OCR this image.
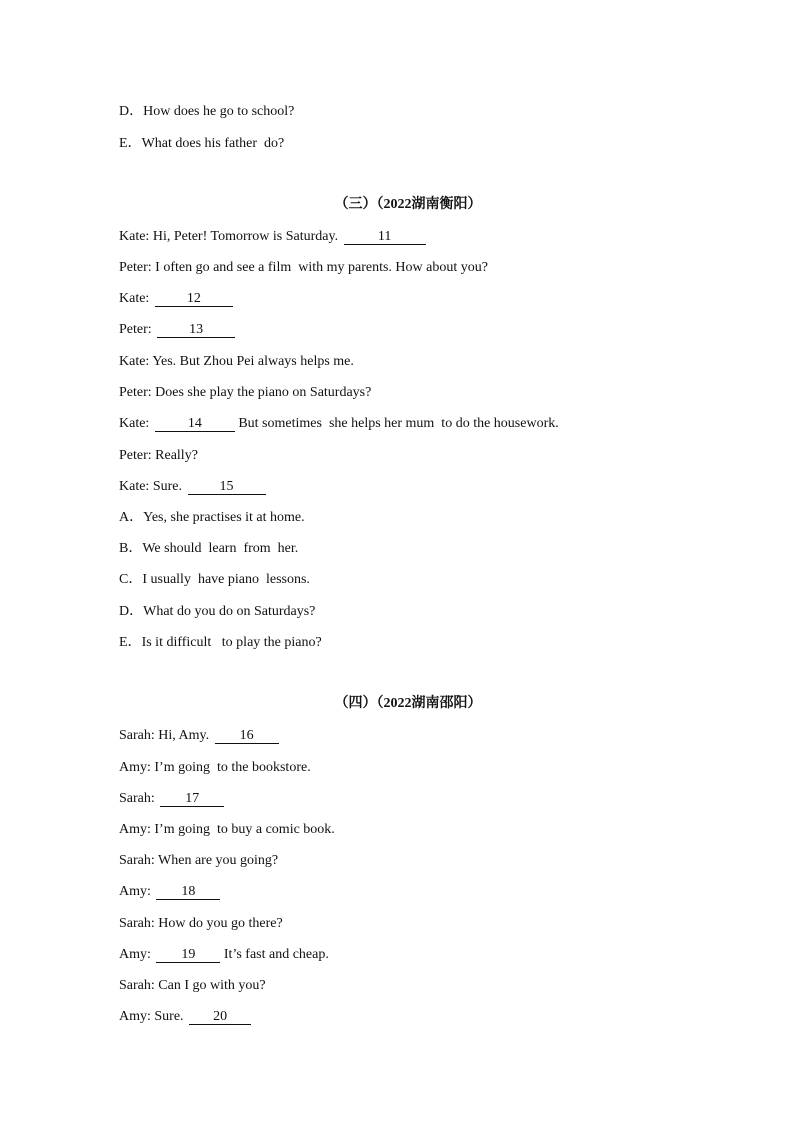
D．How does he go to school?

E．What does his father  do?

（三）（2022湖南衡阳）

Kate: Hi, Peter! Tomorrow is Saturday.	11

Peter: I often go and see a film  with my parents. How about you?

Kate:	12

Peter:	13

Kate: Yes. But Zhou Pei always helps me.

Peter: Does she play the piano on Saturdays?

Kate:	14	But sometimes  she helps her mum  to do the housework.

Peter: Really?

Kate: Sure.	15

A．Yes, she practises it at home.

B．We should  learn  from  her.

C．I usually  have piano  lessons.

D．What do you do on Saturdays?

E．Is it difficult   to play the piano?

（四）（2022湖南邵阳）

Sarah: Hi, Amy. 16

Amy: I’m going  to the bookstore.

Sarah: 17

Amy: I’m going  to buy a comic book.

Sarah: When are you going?

Amy: 18

Sarah: How do you go there?

Amy: 19 It’s fast and cheap.

Sarah: Can I go with you?

Amy: Sure. 20
